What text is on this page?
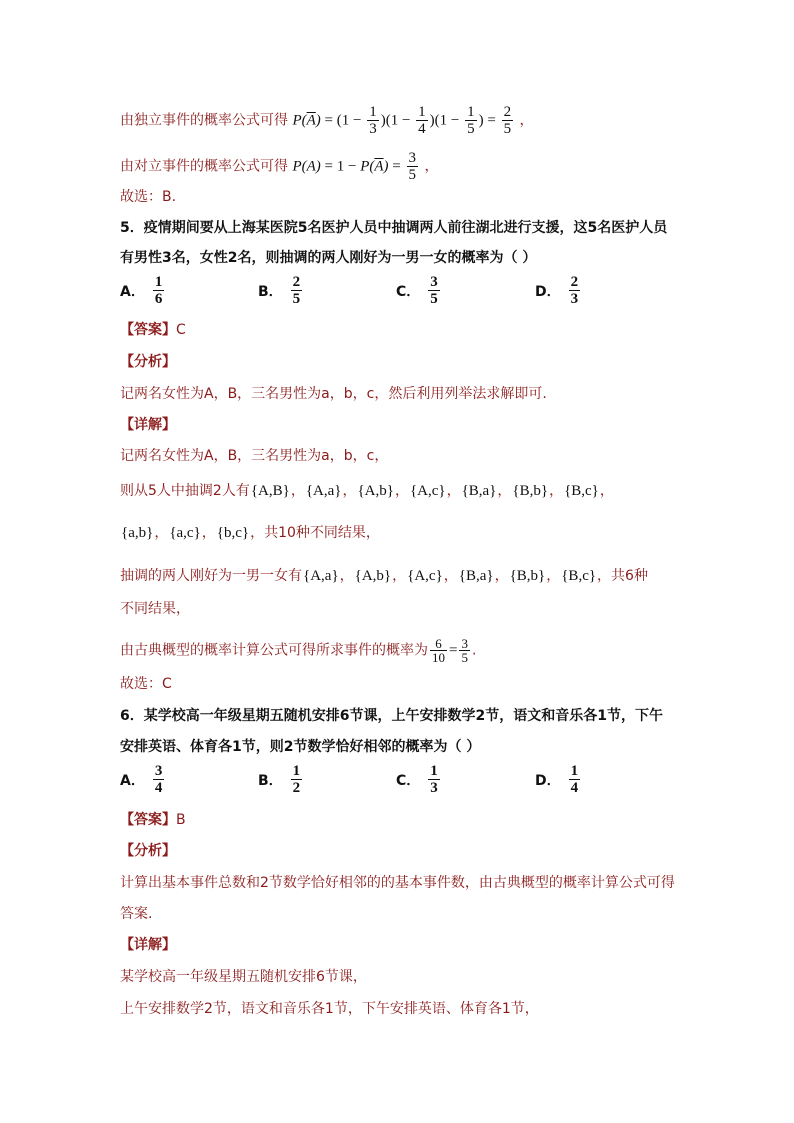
由独立事件的概率公式可得 $P(\overline{A}) = (1 - \frac{1}{3} )(1 - \frac{1}{4} )(1 - \frac{1}{5}$ ) = $\frac{2}{5}$ ，
由对立事件的概率公式可得 $P(A) = 1 - P(\overline{A}) = \frac{3}{5}$ ，
故选：B.
5．疫情期间要从上海某医院5名医护人员中抽调两人前往湖北进行支援，这5名医护人员
有男性3名，女性2名，则抽调的两人刚好为一男一女的概率为（ ）
A． $\frac{1}{6}$	B． $\frac{2}{5}$	C． $\frac{3}{5}$	D． $\frac{2}{3}$
【答案】C
【分析】
记两名女性为A，B，三名男性为a，b，c，然后利用列举法求解即可.
【详解】
记两名女性为A，B，三名男性为a，b，c，
则从5人中抽调2人有{A,B}，{A,a}，{A,b}，{A,c}，{B,a}，{B,b}，{B,c}，
{a,b}，{a,c}，{b,c}，共10种不同结果，
抽调的两人刚好为一男一女有{A,a}，{A,b}，{A,c}，{B,a}，{B,b}，{B,c}，共6种
不同结果，
由古典概型的概率计算公式可得所求事件的概率为 $\frac{6}{10} = \frac{3}{5}$ .
故选：C
6．某学校高一年级星期五随机安排6节课，上午安排数学2节，语文和音乐各1节，下午
安排英语、体育各1节，则2节数学恰好相邻的概率为（ ）
A． $\frac{3}{4}$	B． $\frac{1}{2}$	C． $\frac{1}{3}$	D． $\frac{1}{4}$
【答案】B
【分析】
计算出基本事件总数和2节数学恰好相邻的的基本事件数，由古典概型的概率计算公式可得
答案.
【详解】
某学校高一年级星期五随机安排6节课，
上午安排数学2节，语文和音乐各1节，下午安排英语、体育各1节，
